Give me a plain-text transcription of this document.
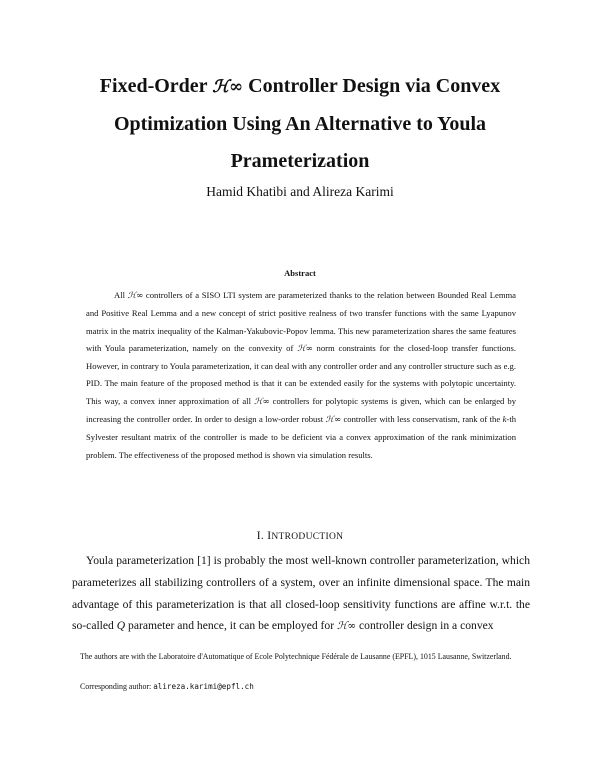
Fixed-Order ℋ∞ Controller Design via Convex Optimization Using An Alternative to Youla Prameterization
Hamid Khatibi and Alireza Karimi
Abstract

All ℋ∞ controllers of a SISO LTI system are parameterized thanks to the relation between Bounded Real Lemma and Positive Real Lemma and a new concept of strict positive realness of two transfer functions with the same Lyapunov matrix in the matrix inequality of the Kalman-Yakubovic-Popov lemma. This new parameterization shares the same features with Youla parameterization, namely on the convexity of ℋ∞ norm constraints for the closed-loop transfer functions. However, in contrary to Youla parameterization, it can deal with any controller order and any controller structure such as e.g. PID. The main feature of the proposed method is that it can be extended easily for the systems with polytopic uncertainty. This way, a convex inner approximation of all ℋ∞ controllers for polytopic systems is given, which can be enlarged by increasing the controller order. In order to design a low-order robust ℋ∞ controller with less conservatism, rank of the k-th Sylvester resultant matrix of the controller is made to be deficient via a convex approximation of the rank minimization problem. The effectiveness of the proposed method is shown via simulation results.

I. INTRODUCTION

Youla parameterization [1] is probably the most well-known controller parameterization, which parameterizes all stabilizing controllers of a system, over an infinite dimensional space. The main advantage of this parameterization is that all closed-loop sensitivity functions are affine w.r.t. the so-called Q parameter and hence, it can be employed for ℋ∞ controller design in a convex

The authors are with the Laboratoire d'Automatique of Ecole Polytechnique Fédérale de Lausanne (EPFL), 1015 Lausanne, Switzerland.

Corresponding author: alireza.karimi@epfl.ch
